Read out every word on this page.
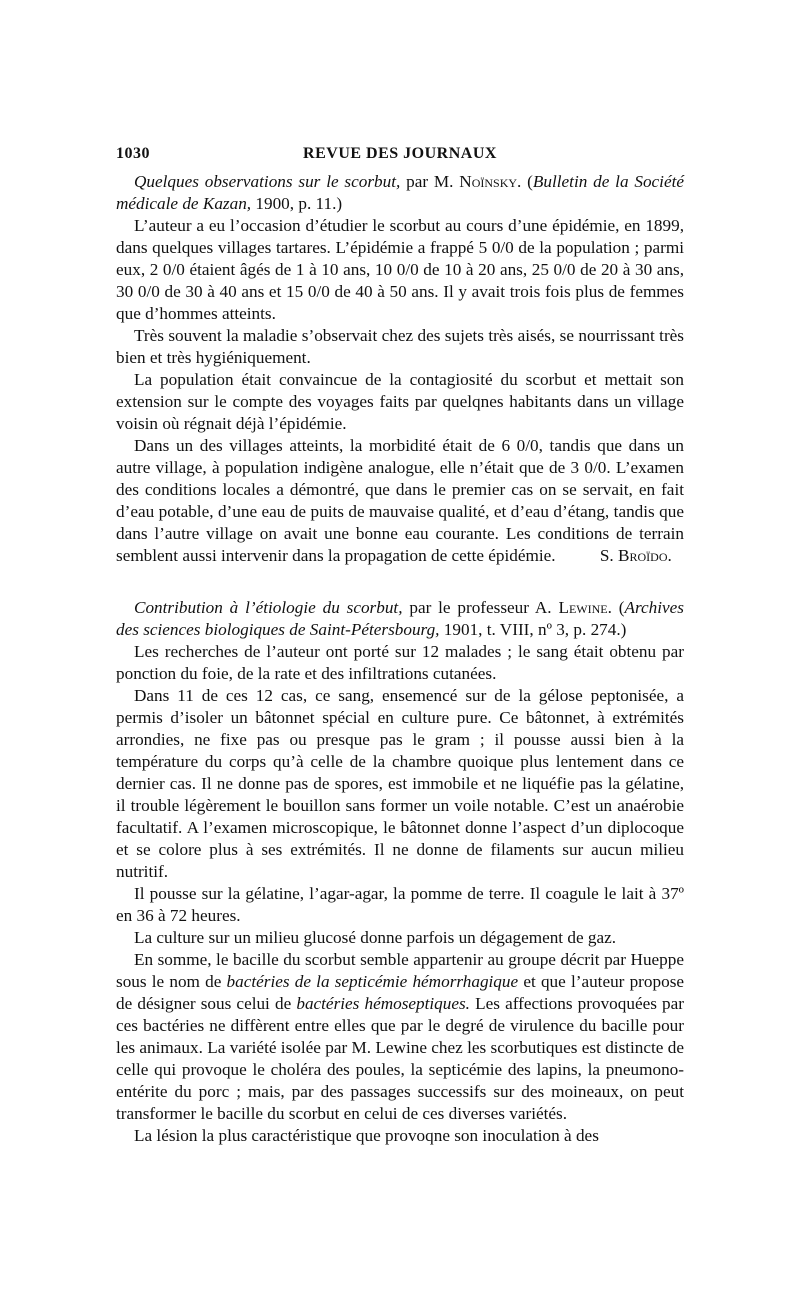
1030	REVUE DES JOURNAUX

Quelques observations sur le scorbut, par M. Noïnsky. (Bulletin de la Société médicale de Kazan, 1900, p. 11.)

L’auteur a eu l’occasion d’étudier le scorbut au cours d’une épidémie, en 1899, dans quelques villages tartares. L’épidémie a frappé 5 0/0 de la population ; parmi eux, 2 0/0 étaient âgés de 1 à 10 ans, 10 0/0 de 10 à 20 ans, 25 0/0 de 20 à 30 ans, 30 0/0 de 30 à 40 ans et 15 0/0 de 40 à 50 ans. Il y avait trois fois plus de femmes que d’hommes atteints.

Très souvent la maladie s’observait chez des sujets très aisés, se nourrissant très bien et très hygiéniquement.

La population était convaincue de la contagiosité du scorbut et mettait son extension sur le compte des voyages faits par quelqnes habitants dans un village voisin où régnait déjà l’épidémie.

Dans un des villages atteints, la morbidité était de 6 0/0, tandis que dans un autre village, à population indigène analogue, elle n’était que de 3 0/0. L’examen des conditions locales a démontré, que dans le premier cas on se servait, en fait d’eau potable, d’une eau de puits de mauvaise qualité, et d’eau d’étang, tandis que dans l’autre village on avait une bonne eau courante. Les conditions de terrain semblent aussi intervenir dans la propagation de cette épidémie.	S. Broïdo.

Contribution à l’étiologie du scorbut, par le professeur A. Lewine. (Archives des sciences biologiques de Saint-Pétersbourg, 1901, t. VIII, nº 3, p. 274.)

Les recherches de l’auteur ont porté sur 12 malades ; le sang était obtenu par ponction du foie, de la rate et des infiltrations cutanées.

Dans 11 de ces 12 cas, ce sang, ensemencé sur de la gélose peptonisée, a permis d’isoler un bâtonnet spécial en culture pure. Ce bâtonnet, à extrémités arrondies, ne fixe pas ou presque pas le gram ; il pousse aussi bien à la température du corps qu’à celle de la chambre quoique plus lentement dans ce dernier cas. Il ne donne pas de spores, est immobile et ne liquéfie pas la gélatine, il trouble légèrement le bouillon sans former un voile notable. C’est un anaérobie facultatif. A l’examen microscopique, le bâtonnet donne l’aspect d’un diplocoque et se colore plus à ses extrémités. Il ne donne de filaments sur aucun milieu nutritif.

Il pousse sur la gélatine, l’agar-agar, la pomme de terre. Il coagule le lait à 37º en 36 à 72 heures.

La culture sur un milieu glucosé donne parfois un dégagement de gaz.

En somme, le bacille du scorbut semble appartenir au groupe décrit par Hueppe sous le nom de bactéries de la septicémie hémorrhagique et que l’auteur propose de désigner sous celui de bactéries hémoseptiques. Les affections provoquées par ces bactéries ne diffèrent entre elles que par le degré de virulence du bacille pour les animaux. La variété isolée par M. Lewine chez les scorbutiques est distincte de celle qui provoque le choléra des poules, la septicémie des lapins, la pneumono-entérite du porc ; mais, par des passages successifs sur des moineaux, on peut transformer le bacille du scorbut en celui de ces diverses variétés.

La lésion la plus caractéristique que provoqne son inoculation à des
